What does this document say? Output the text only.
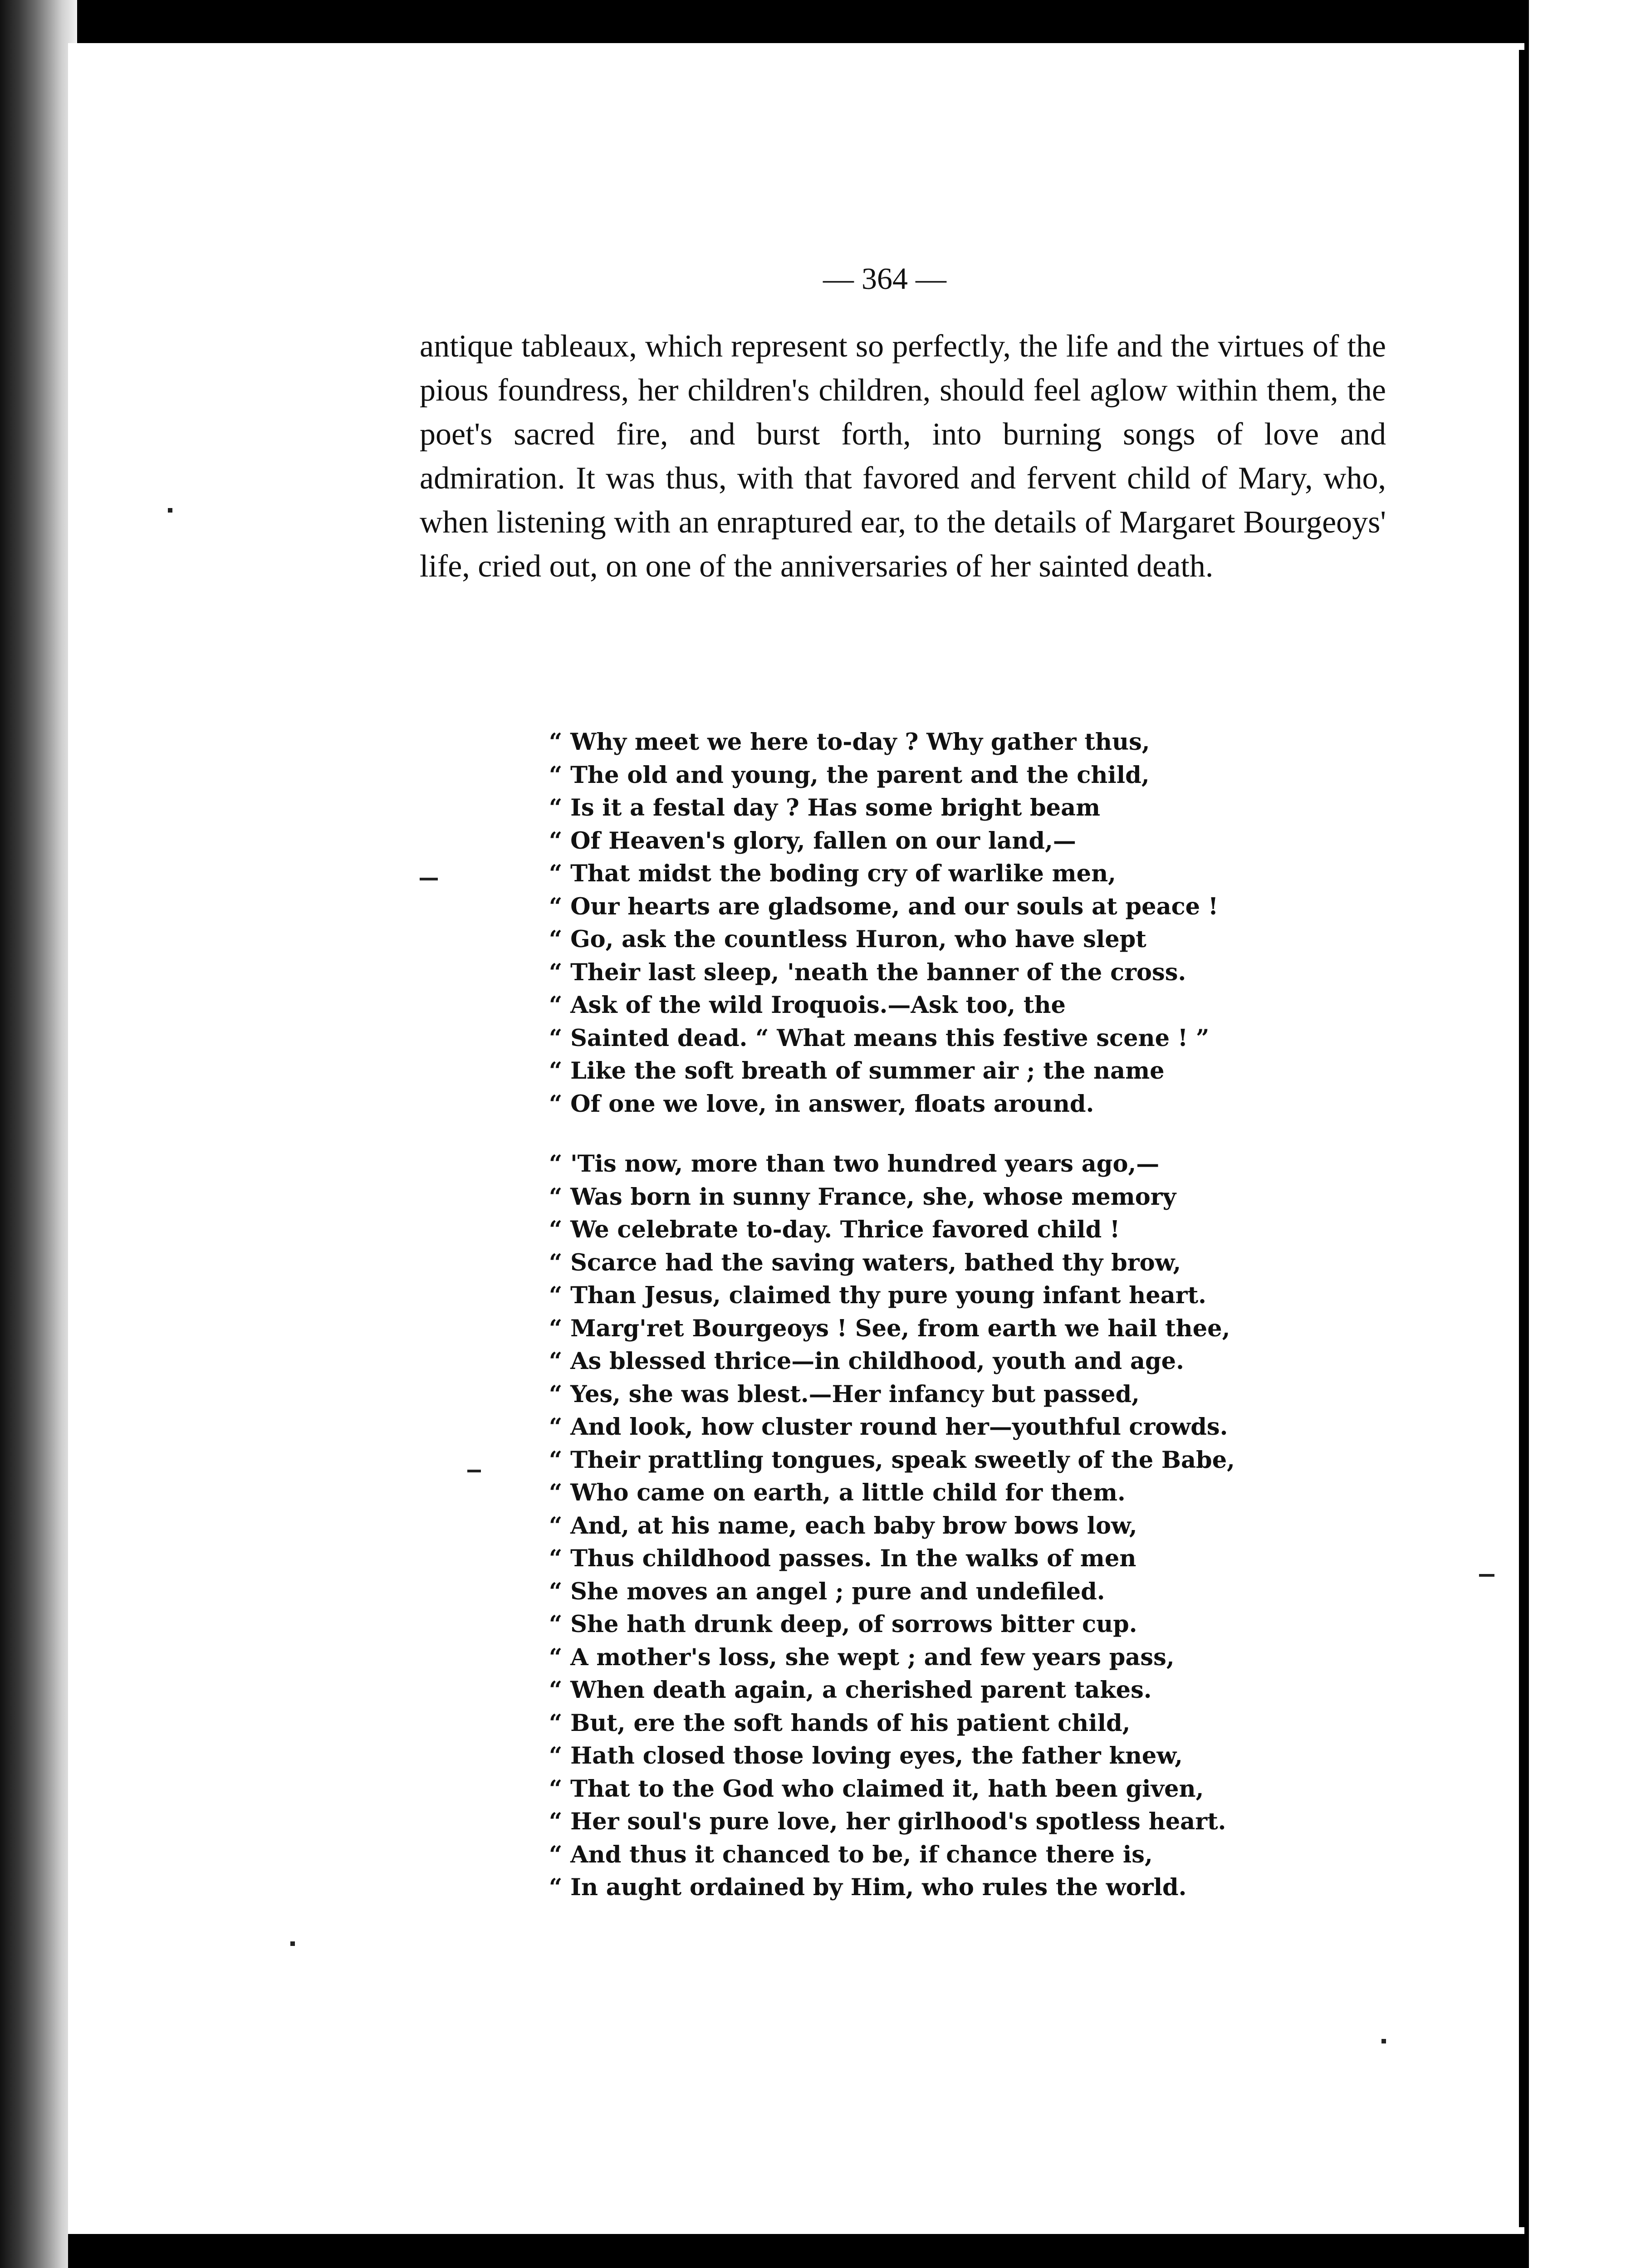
— 364 —

antique tableaux, which represent so perfectly, the life and the virtues of the pious foundress, her children's children, should feel aglow within them, the poet's sacred fire, and burst forth, into burning songs of love and admiration. It was thus, with that favored and fervent child of Mary, who, when listening with an enraptured ear, to the details of Margaret Bourgeoys' life, cried out, on one of the anniversaries of her sainted death.

“ Why meet we here to-day ? Why gather thus,
“ The old and young, the parent and the child,
“ Is it a festal day ? Has some bright beam
“ Of Heaven's glory, fallen on our land,—
“ That midst the boding cry of warlike men,
“ Our hearts are gladsome, and our souls at peace !
“ Go, ask the countless Huron, who have slept
“ Their last sleep, 'neath the banner of the cross.
“ Ask of the wild Iroquois.—Ask too, the
“ Sainted dead. “ What means this festive scene ! ”
“ Like the soft breath of summer air ; the name
“ Of one we love, in answer, floats around.
“ 'Tis now, more than two hundred years ago,—
“ Was born in sunny France, she, whose memory
“ We celebrate to-day. Thrice favored child !
“ Scarce had the saving waters, bathed thy brow,
“ Than Jesus, claimed thy pure young infant heart.
“ Marg'ret Bourgeoys ! See, from earth we hail thee,
“ As blessed thrice—in childhood, youth and age.
“ Yes, she was blest.—Her infancy but passed,
“ And look, how cluster round her—youthful crowds.
“ Their prattling tongues, speak sweetly of the Babe,
“ Who came on earth, a little child for them.
“ And, at his name, each baby brow bows low,
“ Thus childhood passes. In the walks of men
“ She moves an angel ; pure and undefiled.
“ She hath drunk deep, of sorrows bitter cup.
“ A mother's loss, she wept ; and few years pass,
“ When death again, a cherished parent takes.
“ But, ere the soft hands of his patient child,
“ Hath closed those loving eyes, the father knew,
“ That to the God who claimed it, hath been given,
“ Her soul's pure love, her girlhood's spotless heart.
“ And thus it chanced to be, if chance there is,
“ In aught ordained by Him, who rules the world.
